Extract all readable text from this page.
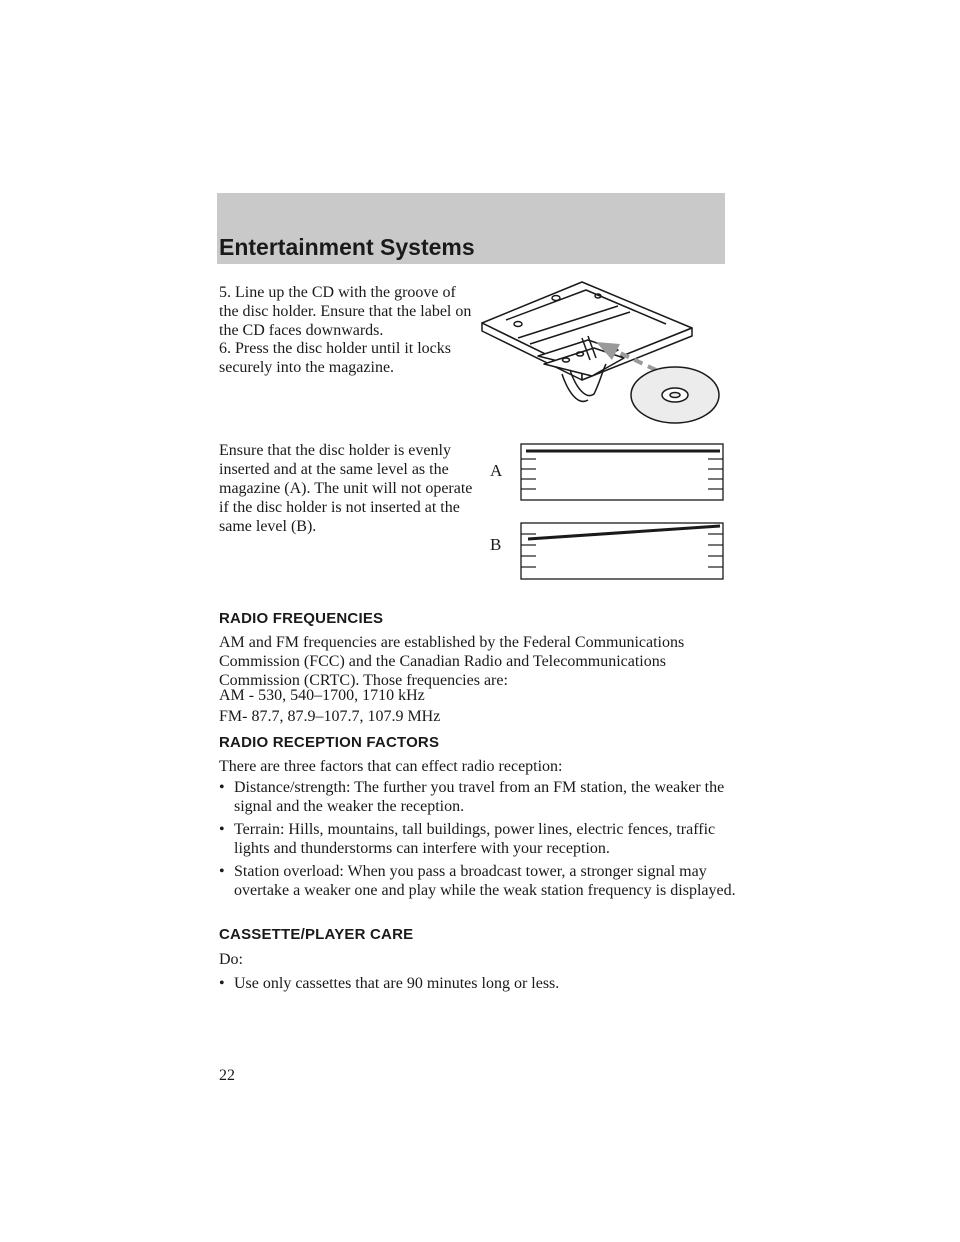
Entertainment Systems

5. Line up the CD with the groove of the disc holder. Ensure that the label on the CD faces downwards.

6. Press the disc holder until it locks securely into the magazine.

Ensure that the disc holder is evenly inserted and at the same level as the magazine (A). The unit will not operate if the disc holder is not inserted at the same level (B).

A
B

RADIO FREQUENCIES

AM and FM frequencies are established by the Federal Communications Commission (FCC) and the Canadian Radio and Telecommunications Commission (CRTC). Those frequencies are:

AM - 530, 540–1700, 1710 kHz

FM- 87.7, 87.9–107.7, 107.9 MHz

RADIO RECEPTION FACTORS

There are three factors that can effect radio reception:

• Distance/strength: The further you travel from an FM station, the weaker the signal and the weaker the reception.
• Terrain: Hills, mountains, tall buildings, power lines, electric fences, traffic lights and thunderstorms can interfere with your reception.
• Station overload: When you pass a broadcast tower, a stronger signal may overtake a weaker one and play while the weak station frequency is displayed.

CASSETTE/PLAYER CARE

Do:

• Use only cassettes that are 90 minutes long or less.
22
